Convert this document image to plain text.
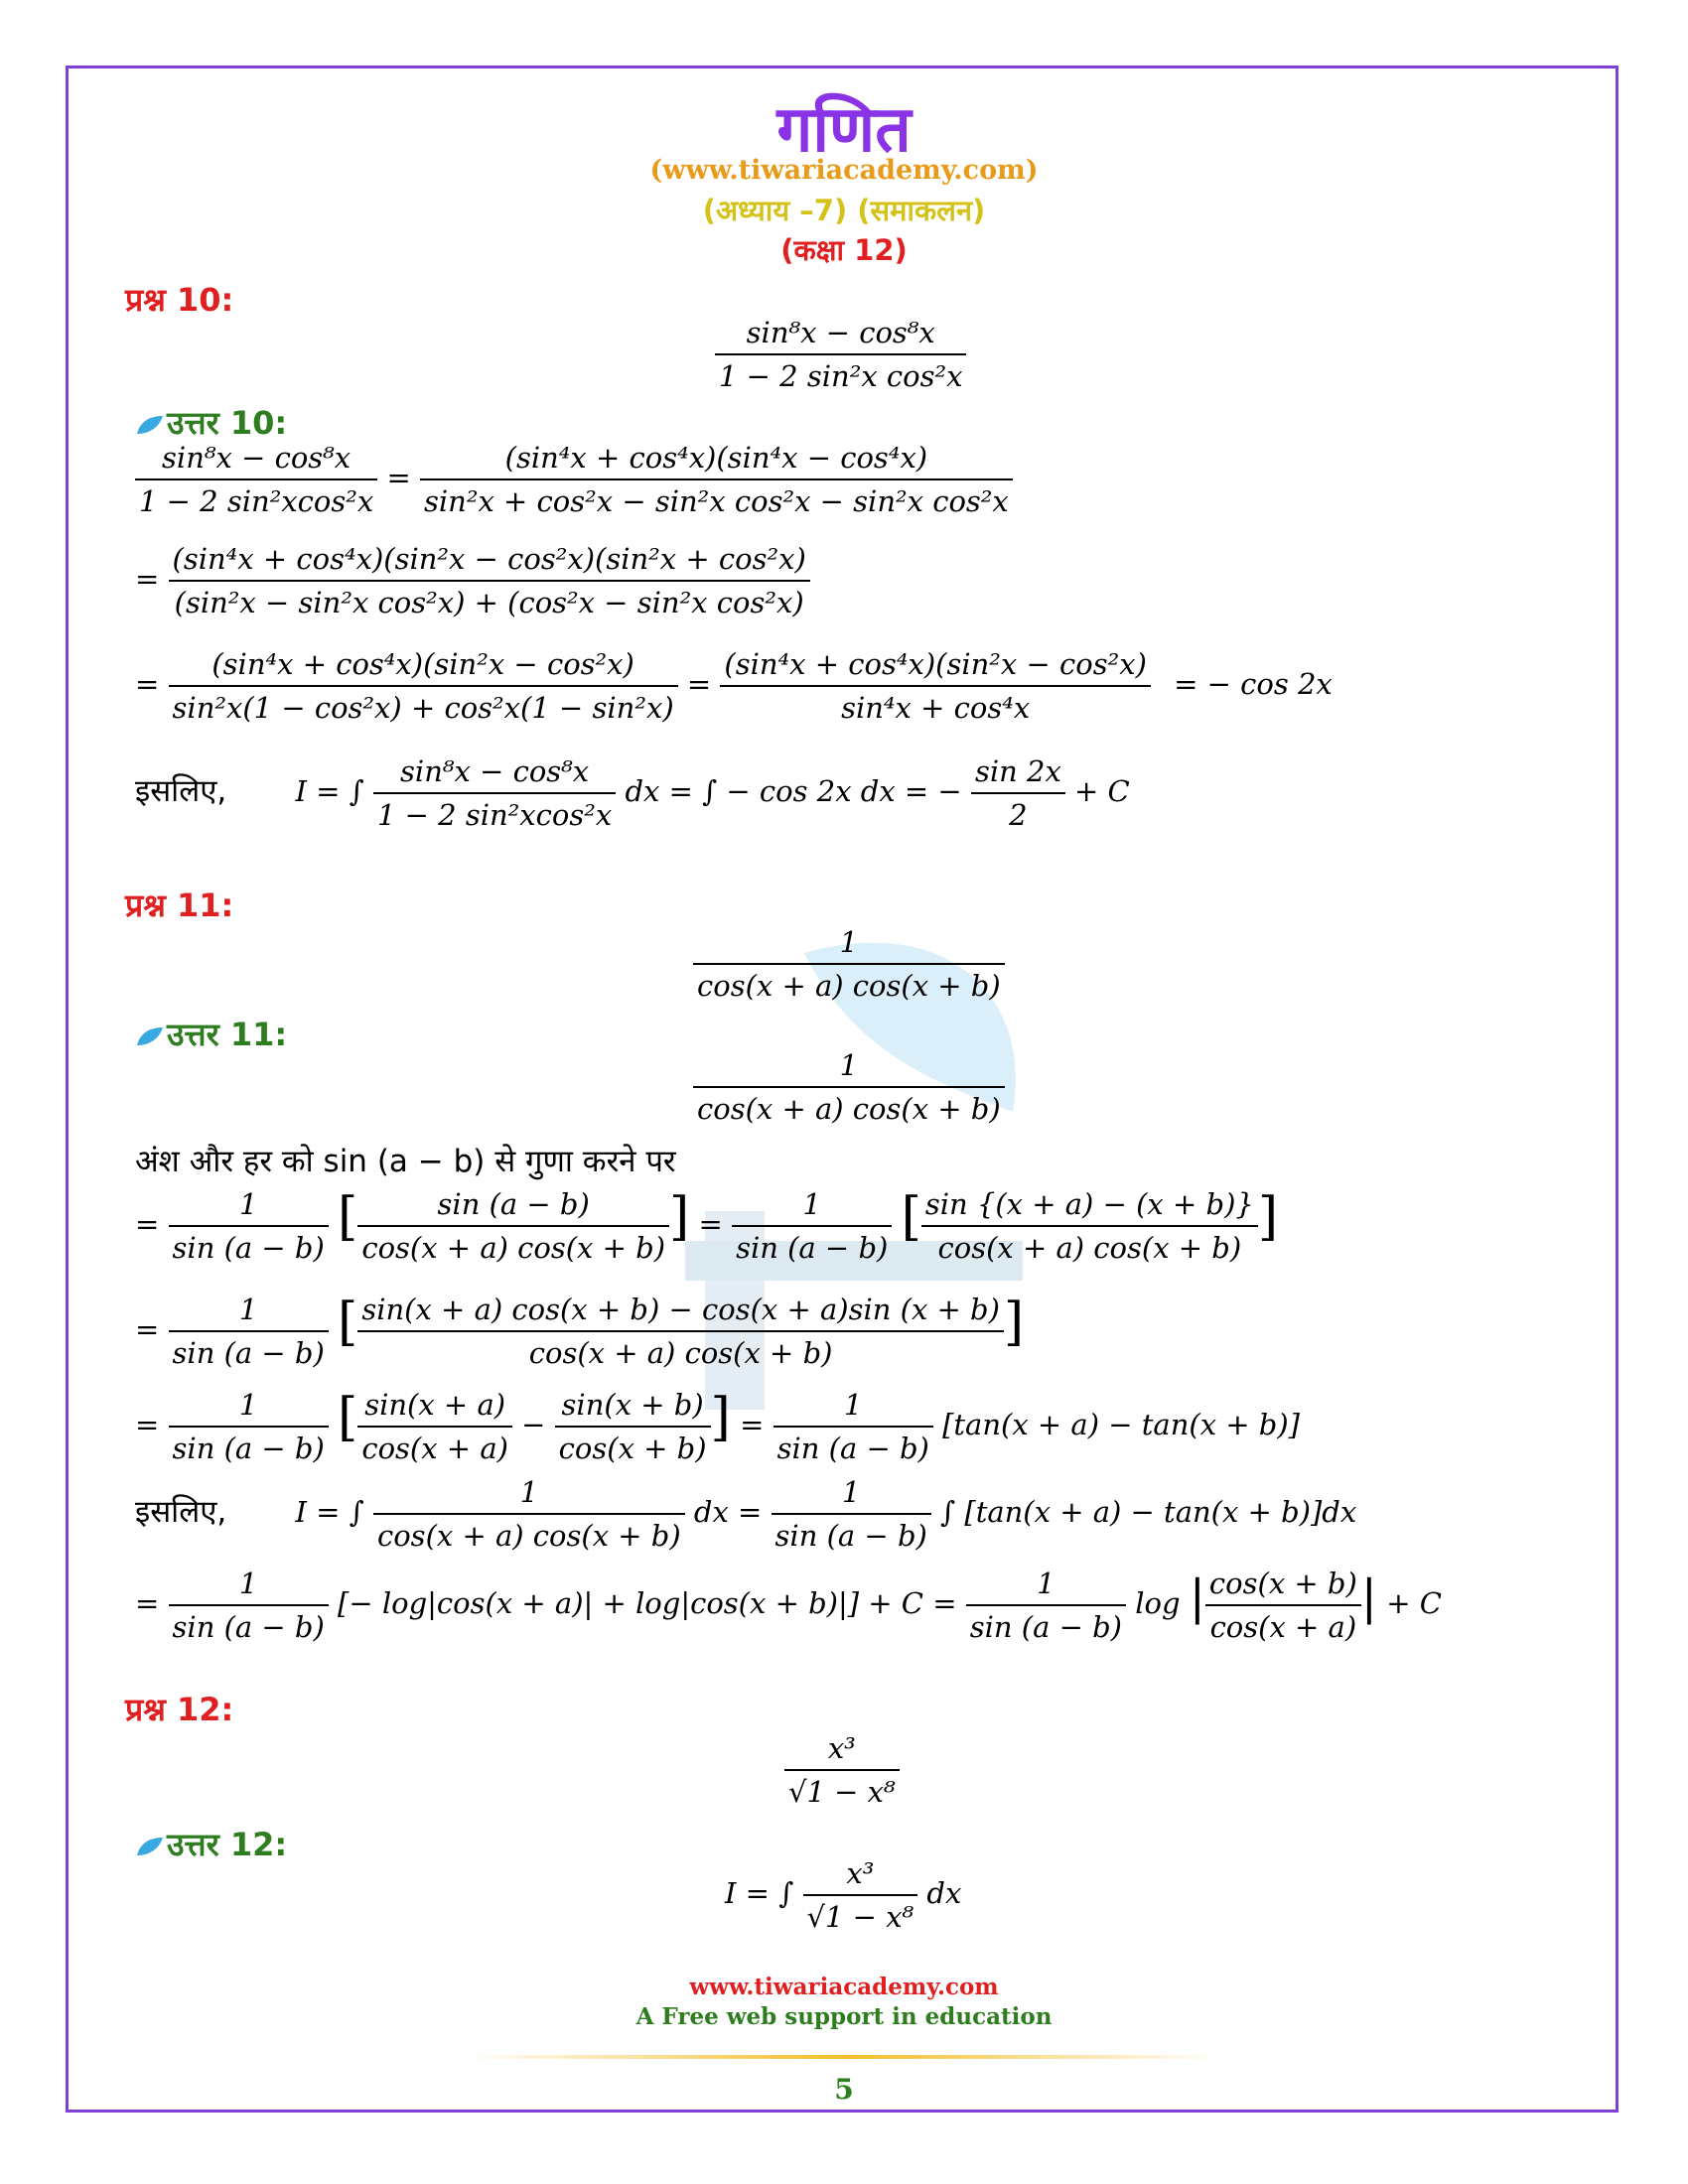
गणित
(www.tiwariacademy.com)
(अध्याय –7) (समाकलन)
(कक्षा 12)
प्रश्न 10:
$\frac{\text{sin⁸x − cos⁸x}}{\text{1 − 2 sin²x cos²x}}$
उत्तर 10:
$\frac{\text{sin⁸x − cos⁸x}}{\text{1 − 2 sin²xcos²x}} = \frac{\text{(sin⁴x + cos⁴x)(sin⁴x − cos⁴x)}}{\text{sin²x + cos²x − sin²x cos²x − sin²x cos²x}}$
= $\frac{\text{(sin⁴x + cos⁴x)(sin²x − cos²x)(sin²x + cos²x)}}{\text{(sin²x − sin²x cos²x) + (cos²x − sin²x cos²x)}}$
= $\frac{\text{(sin⁴x + cos⁴x)(sin²x − cos²x)}}{\text{sin²x(1 − cos²x) + cos²x(1 − sin²x)}} = \frac{\text{(sin⁴x + cos⁴x)(sin²x − cos²x)}}{\text{sin⁴x + cos⁴x}}$ = − cos 2x
इसलिए, I = ∫ $\frac{\text{sin⁸x − cos⁸x}}{\text{1 − 2 sin²xcos²x}}$ dx = ∫ − cos 2x dx = − $\frac{\sin 2x}{2} + C$
प्रश्न 11:
$\frac{1}{\cos(x + a) \cos(x + b)}$
उत्तर 11:
$\frac{1}{\cos(x + a) \cos(x + b)}$
अंश और हर को sin (a − b) से गुणा करने पर
= $\frac{1}{\sin (a - b)}$ [ $\frac{\sin (a - b)}{\cos(x + a) \cos(x + b)}$ ] = $\frac{1}{\sin (a - b)}$ [ $\frac{\sin \{(x + a) - (x + b)\}}{\cos(x + a) \cos(x + b)}$ ]
= $\frac{1}{\sin (a - b)}$ [ $\frac{\sin(x + a) \cos(x + b) - \cos(x + a)\sin (x + b)}{\cos(x + a) \cos(x + b)}$ ]
= $\frac{1}{\sin (a - b)}$ [ $\frac{\sin(x + a)}{\cos(x + a)} - \frac{\sin(x + b)}{\cos(x + b)}$ ] = $\frac{1}{\sin (a - b)} [\tan(x + a) - \tan(x + b)]$
इसलिए, I = ∫ $\frac{1}{\cos(x + a) \cos(x + b)}$ dx = $\frac{1}{\sin (a - b)}$ ∫ [tan(x + a) − tan(x + b)]dx
= $\frac{1}{\sin (a - b)}$ [− $\log|\cos(x + a)| + \log|\cos(x + b)|] + C = \frac{1}{\sin (a - b)}$ log | $\frac{\cos(x + b)}{\cos(x + a)}$ | + C
प्रश्न 12:
$\frac{\text{x³}}{\text{√1 − x⁸}}$
उत्तर 12:
I = ∫ $\frac{\text{x³}}{\text{√1 − x⁸}}$ dx
www.tiwariacademy.com
A Free web support in education
5
